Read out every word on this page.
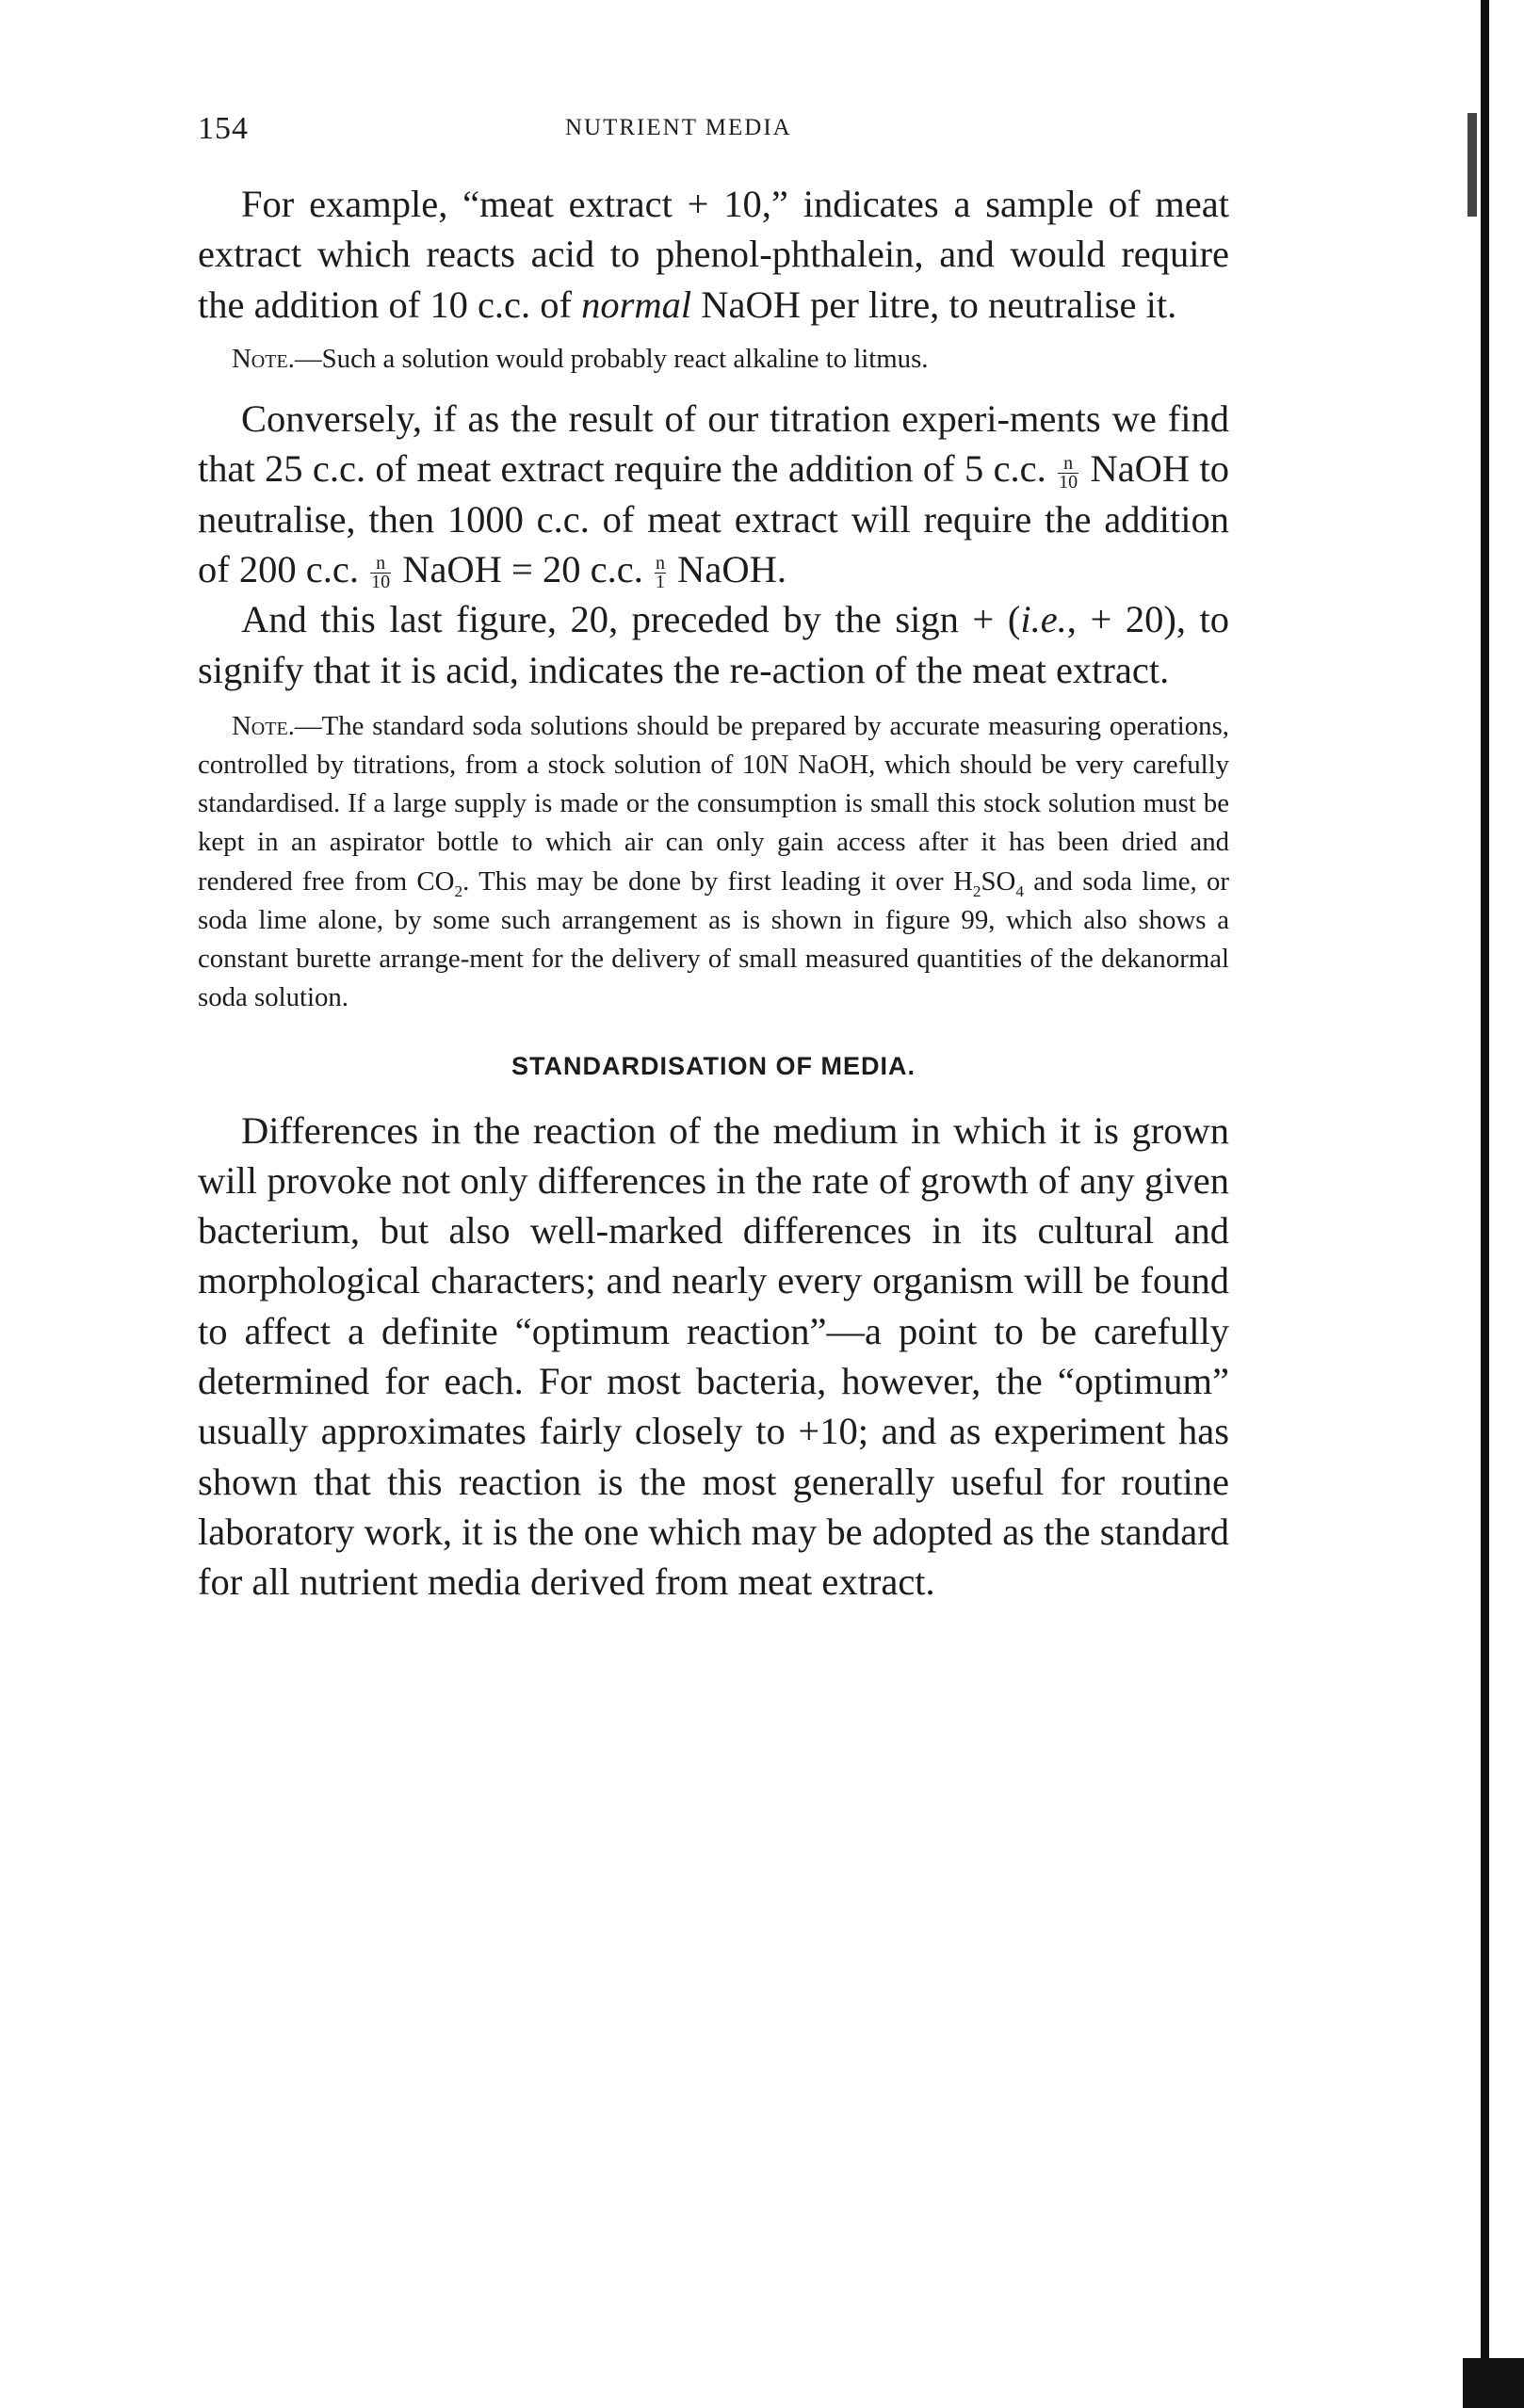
154	NUTRIENT MEDIA

For example, “meat extract + 10,” indicates a sample of meat extract which reacts acid to phenol-phthalein, and would require the addition of 10 c.c. of normal NaOH per litre, to neutralise it.

Note.—Such a solution would probably react alkaline to litmus.

Conversely, if as the result of our titration experi-ments we find that 25 c.c. of meat extract require the addition of 5 c.c. $\frac{n}{10}$ NaOH to neutralise, then 1000 c.c. of meat extract will require the addition of 200 c.c. $\frac{n}{10}$ NaOH = 20 c.c. $\frac{n}{1}$ NaOH.

And this last figure, 20, preceded by the sign + (i.e., + 20), to signify that it is acid, indicates the re-action of the meat extract.

Note.—The standard soda solutions should be prepared by accurate measuring operations, controlled by titrations, from a stock solution of 10N NaOH, which should be very carefully standardised. If a large supply is made or the consumption is small this stock solution must be kept in an aspirator bottle to which air can only gain access after it has been dried and rendered free from $CO_2$. This may be done by first leading it over $H_2SO_4$ and soda lime, or soda lime alone, by some such arrangement as is shown in figure 99, which also shows a constant burette arrange-ment for the delivery of small measured quantities of the dekanormal soda solution.

STANDARDISATION OF MEDIA.

Differences in the reaction of the medium in which it is grown will provoke not only differences in the rate of growth of any given bacterium, but also well-marked differences in its cultural and morphological characters; and nearly every organism will be found to affect a definite “optimum reaction”—a point to be carefully determined for each. For most bacteria, however, the “optimum” usually approximates fairly closely to +10; and as experiment has shown that this reaction is the most generally useful for routine laboratory work, it is the one which may be adopted as the standard for all nutrient media derived from meat extract.
